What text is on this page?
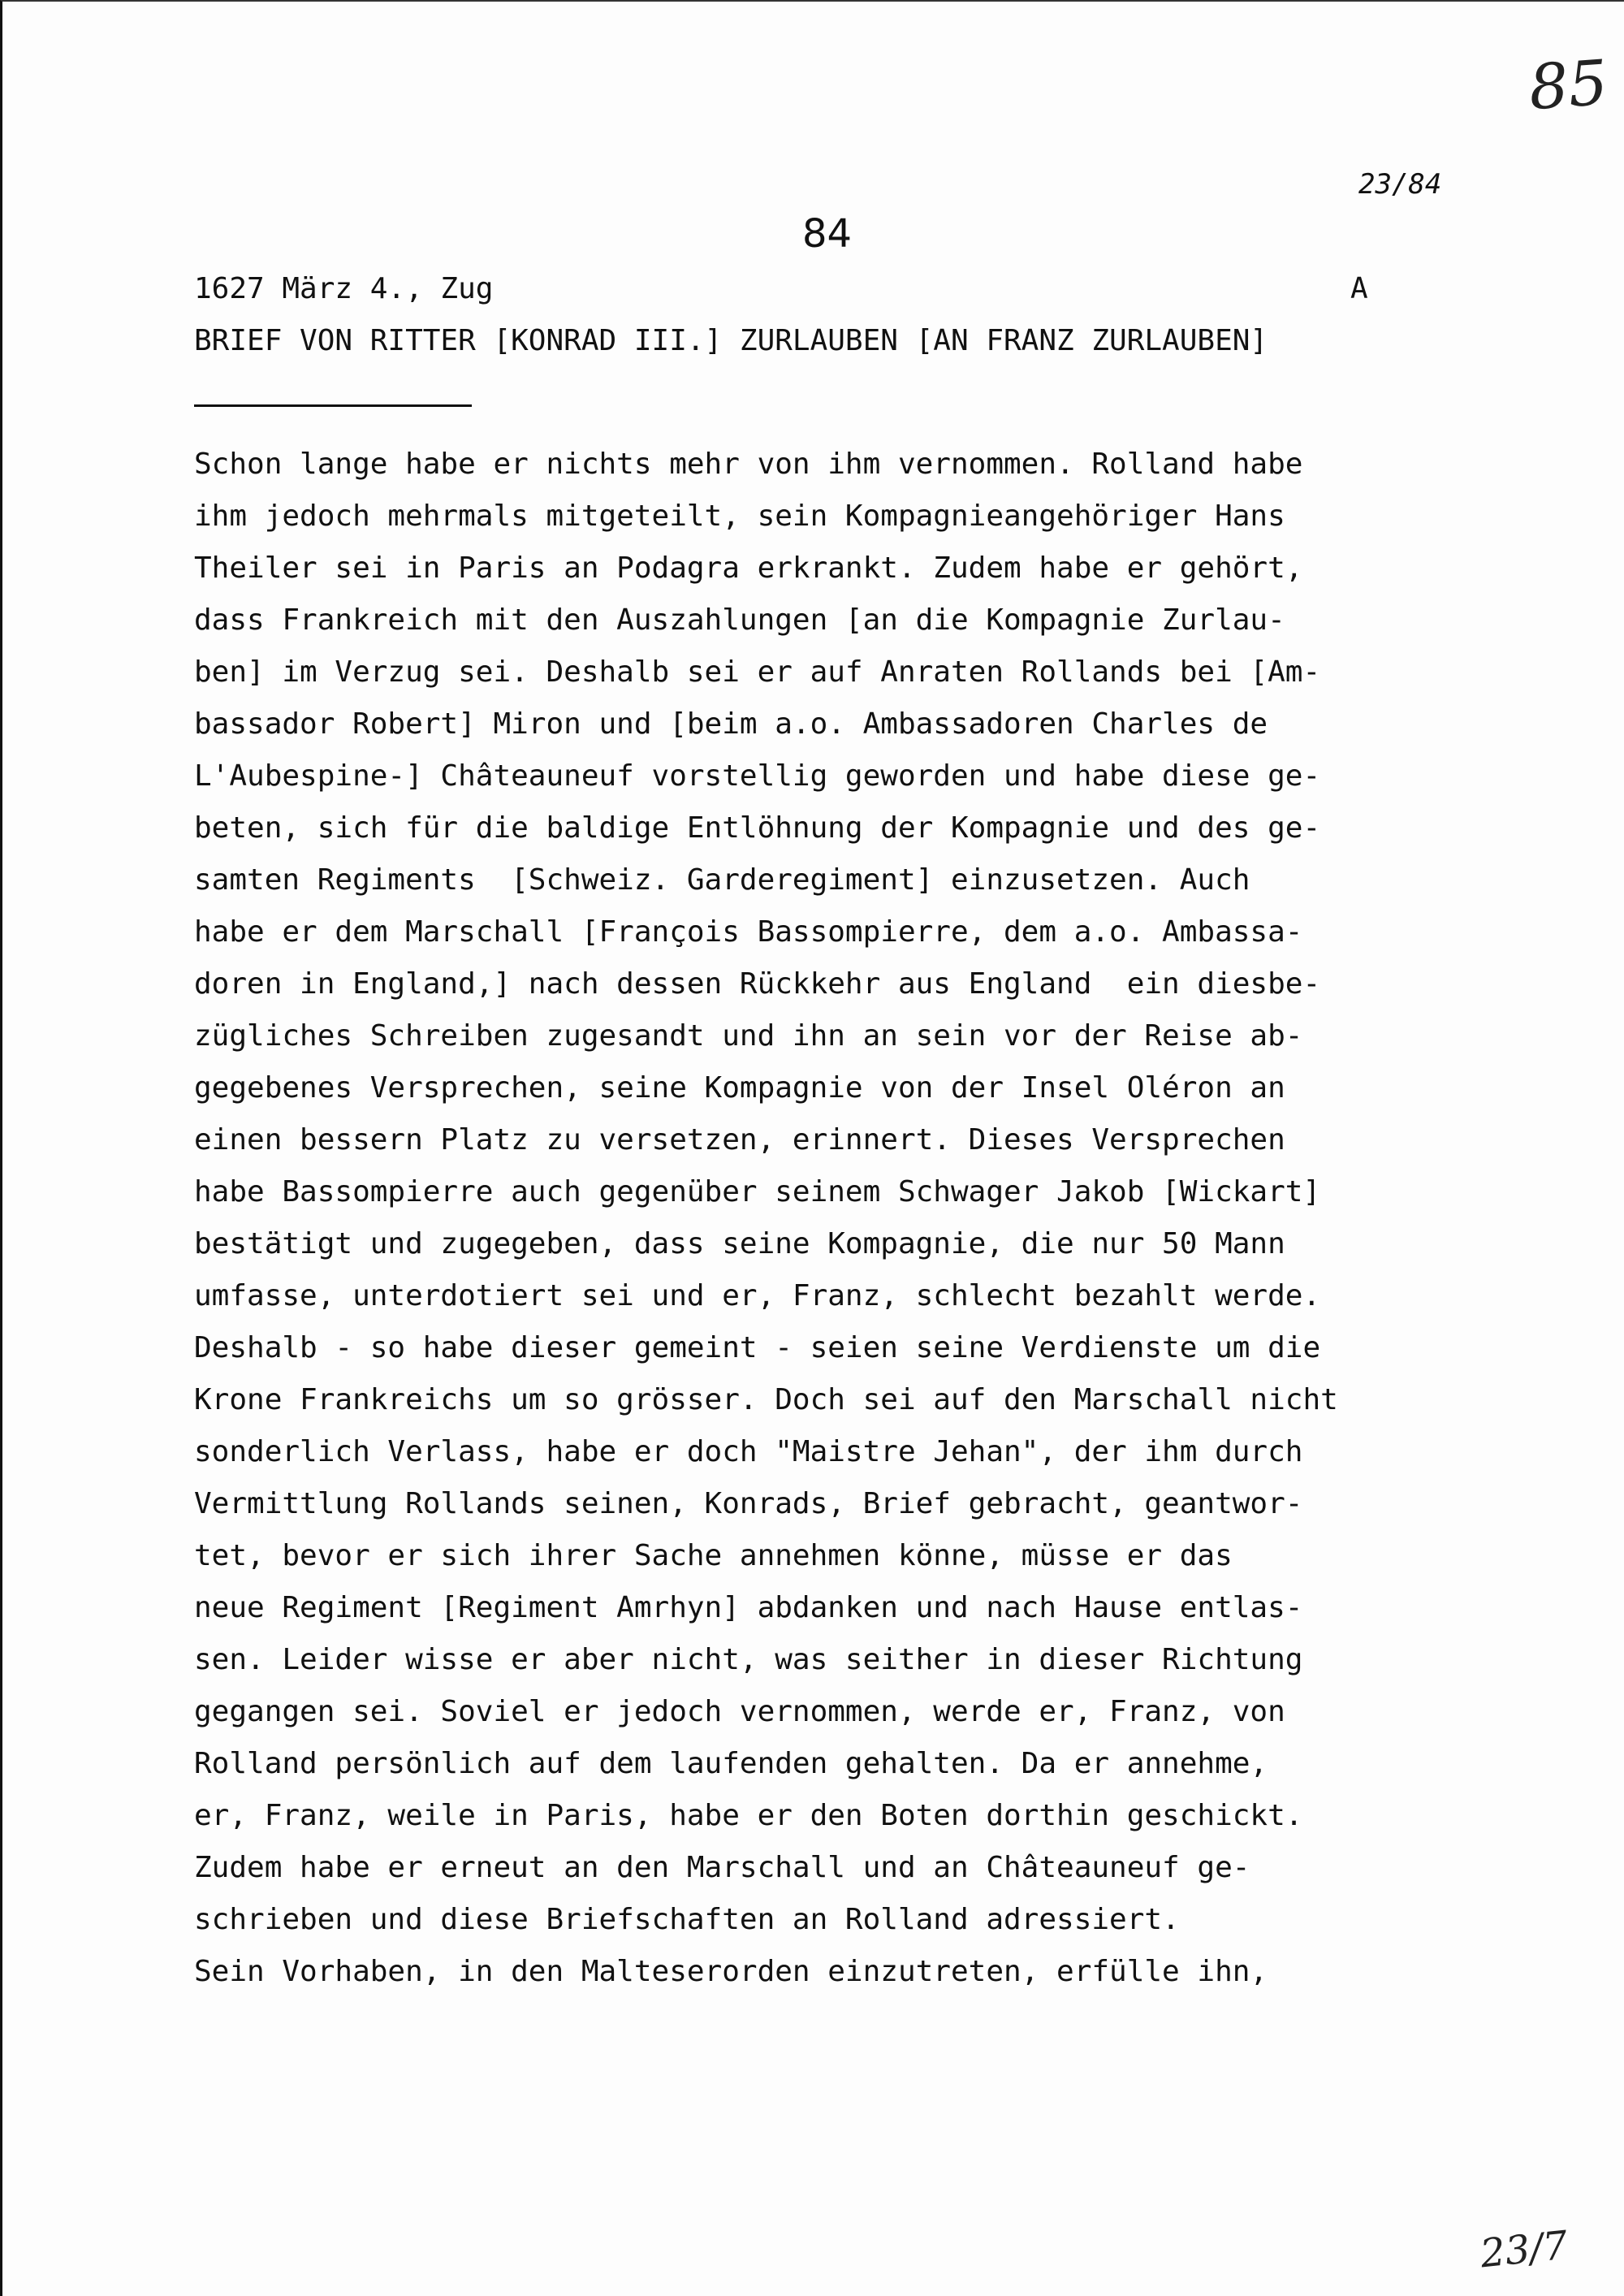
85
23/84
84
1627 März 4., Zug	A
BRIEF VON RITTER [KONRAD III.] ZURLAUBEN [AN FRANZ ZURLAUBEN]

Schon lange habe er nichts mehr von ihm vernommen. Rolland habe

ihm jedoch mehrmals mitgeteilt, sein Kompagnieangehöriger Hans

Theiler sei in Paris an Podagra erkrankt. Zudem habe er gehört,

dass Frankreich mit den Auszahlungen [an die Kompagnie Zurlau-

ben] im Verzug sei. Deshalb sei er auf Anraten Rollands bei [Am-

bassador Robert] Miron und [beim a.o. Ambassadoren Charles de

L'Aubespine-] Châteauneuf vorstellig geworden und habe diese ge-

beten, sich für die baldige Entlöhnung der Kompagnie und des ge-

samten Regiments  [Schweiz. Garderegiment] einzusetzen. Auch

habe er dem Marschall [François Bassompierre, dem a.o. Ambassa-

doren in England,] nach dessen Rückkehr aus England  ein diesbe-

zügliches Schreiben zugesandt und ihn an sein vor der Reise ab-

gegebenes Versprechen, seine Kompagnie von der Insel Oléron an

einen bessern Platz zu versetzen, erinnert. Dieses Versprechen

habe Bassompierre auch gegenüber seinem Schwager Jakob [Wickart]

bestätigt und zugegeben, dass seine Kompagnie, die nur 50 Mann

umfasse, unterdotiert sei und er, Franz, schlecht bezahlt werde.

Deshalb - so habe dieser gemeint - seien seine Verdienste um die

Krone Frankreichs um so grösser. Doch sei auf den Marschall nicht

sonderlich Verlass, habe er doch "Maistre Jehan", der ihm durch

Vermittlung Rollands seinen, Konrads, Brief gebracht, geantwor-

tet, bevor er sich ihrer Sache annehmen könne, müsse er das

neue Regiment [Regiment Amrhyn] abdanken und nach Hause entlas-

sen. Leider wisse er aber nicht, was seither in dieser Richtung

gegangen sei. Soviel er jedoch vernommen, werde er, Franz, von

Rolland persönlich auf dem laufenden gehalten. Da er annehme,

er, Franz, weile in Paris, habe er den Boten dorthin geschickt.

Zudem habe er erneut an den Marschall und an Châteauneuf ge-

schrieben und diese Briefschaften an Rolland adressiert.

Sein Vorhaben, in den Malteserorden einzutreten, erfülle ihn,

23/7
